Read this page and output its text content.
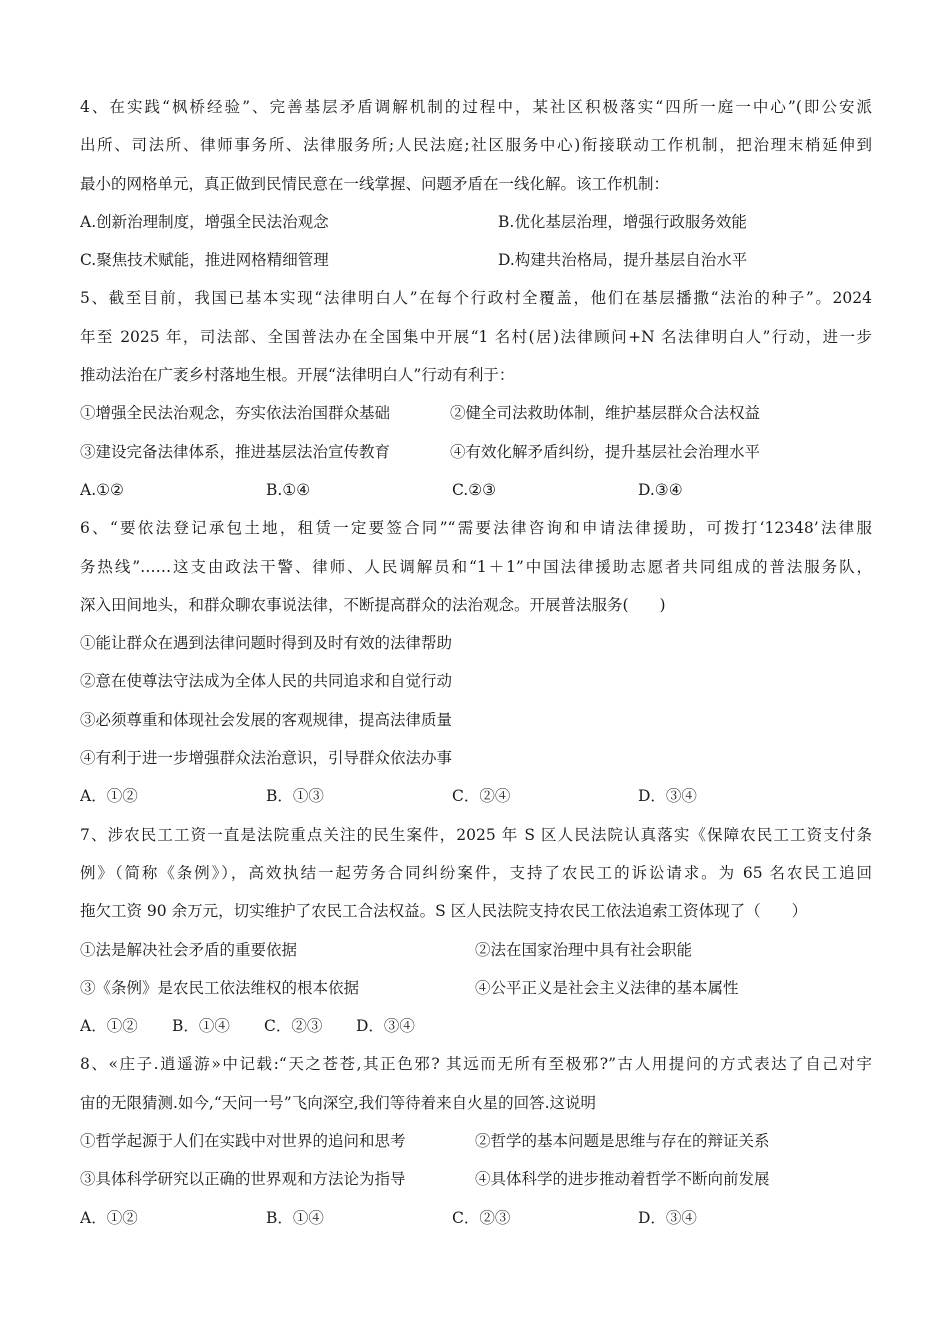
4、在实践“枫桥经验”、完善基层矛盾调解机制的过程中，某社区积极落实“四所一庭一中心”(即公安派
出所、司法所、律师事务所、法律服务所;人民法庭;社区服务中心)衔接联动工作机制，把治理末梢延伸到
最小的网格单元，真正做到民情民意在一线掌握、问题矛盾在一线化解。该工作机制：
A.创新治理制度，增强全民法治观念	B.优化基层治理，增强行政服务效能
C.聚焦技术赋能，推进网格精细管理	D.构建共治格局，提升基层自治水平
5、截至目前，我国已基本实现“法律明白人”在每个行政村全覆盖，他们在基层播撒“法治的种子”。2024
年至 2025 年，司法部、全国普法办在全国集中开展“1 名村(居)法律顾问+N 名法律明白人”行动，进一步
推动法治在广袤乡村落地生根。开展“法律明白人”行动有利于：
①增强全民法治观念，夯实依法治国群众基础	②健全司法救助体制，维护基层群众合法权益
③建设完备法律体系，推进基层法治宣传教育	④有效化解矛盾纠纷，提升基层社会治理水平
A.①②	B.①④	C.②③	D.③④
6、“要依法登记承包土地，租赁一定要签合同”“需要法律咨询和申请法律援助，可拨打‘12348’法律服
务热线”……这支由政法干警、律师、人民调解员和“1＋1”中国法律援助志愿者共同组成的普法服务队，
深入田间地头，和群众聊农事说法律，不断提高群众的法治观念。开展普法服务(　　)
①能让群众在遇到法律问题时得到及时有效的法律帮助
②意在使尊法守法成为全体人民的共同追求和自觉行动
③必须尊重和体现社会发展的客观规律，提高法律质量
④有利于进一步增强群众法治意识，引导群众依法办事
A．①②	B．①③	C．②④	D．③④
7、涉农民工工资一直是法院重点关注的民生案件，2025 年 S 区人民法院认真落实《保障农民工工资支付条
例》（简称《条例》），高效执结一起劳务合同纠纷案件，支持了农民工的诉讼请求。为 65 名农民工追回
拖欠工资 90 余万元，切实维护了农民工合法权益。S 区人民法院支持农民工依法追索工资体现了（　　）
①法是解决社会矛盾的重要依据	②法在国家治理中具有社会职能
③《条例》是农民工依法维权的根本依据	④公平正义是社会主义法律的基本属性
A．①②	B．①④	C．②③	D．③④
8、«庄子.逍遥游»中记载:“天之苍苍,其正色邪? 其远而无所有至极邪?”古人用提问的方式表达了自己对宇
宙的无限猜测.如今,“天问一号”飞向深空,我们等待着来自火星的回答.这说明
①哲学起源于人们在实践中对世界的追问和思考	②哲学的基本问题是思维与存在的辩证关系
③具体科学研究以正确的世界观和方法论为指导	④具体科学的进步推动着哲学不断向前发展
A．①②	B．①④	C．②③	D．③④
